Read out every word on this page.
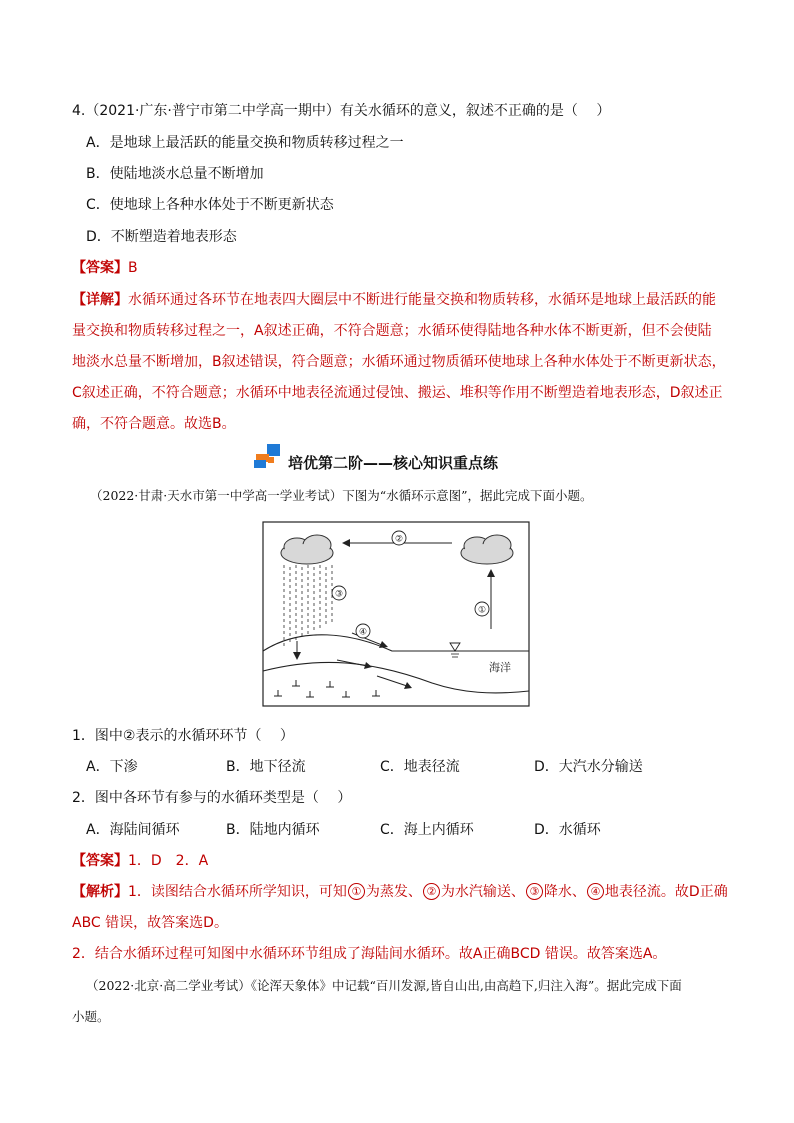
4.（2021·广东·普宁市第二中学高一期中）有关水循环的意义，叙述不正确的是（　 ）
A．是地球上最活跃的能量交换和物质转移过程之一
B．使陆地淡水总量不断增加
C．使地球上各种水体处于不断更新状态
D．不断塑造着地表形态
【答案】B
【详解】水循环通过各环节在地表四大圈层中不断进行能量交换和物质转移，水循环是地球上最活跃的能
量交换和物质转移过程之一，A叙述正确，不符合题意；水循环使得陆地各种水体不断更新，但不会使陆
地淡水总量不断增加，B叙述错误，符合题意；水循环通过物质循环使地球上各种水体处于不断更新状态，
C叙述正确，不符合题意；水循环中地表径流通过侵蚀、搬运、堆积等作用不断塑造着地表形态，D叙述正
确，不符合题意。故选B。
培优第二阶——核心知识重点练
（2022·甘肃·天水市第一中学高一学业考试）下图为“水循环示意图”，据此完成下面小题。
②
③
①
④
海洋
1．图中②表示的水循环环节（　 ）
A．下渗	B．地下径流	C．地表径流	D．大汽水分输送
2．图中各环节有参与的水循环类型是（　 ）
A．海陆间循环	B．陆地内循环	C．海上内循环	D．水循环
【答案】1．D　2．A
【解析】1．读图结合水循环所学知识，可知 ① 为蒸发、 ② 为水汽输送、 ③ 降水、 ④ 地表径流。故D正确
ABC 错误，故答案选D。
2．结合水循环过程可知图中水循环环节组成了海陆间水循环。故A正确BCD 错误。故答案选A。
（2022·北京·高二学业考试）《论浑天象体》中记载“百川发源,皆自山出,由高趋下,归注入海”。据此完成下面
小题。
